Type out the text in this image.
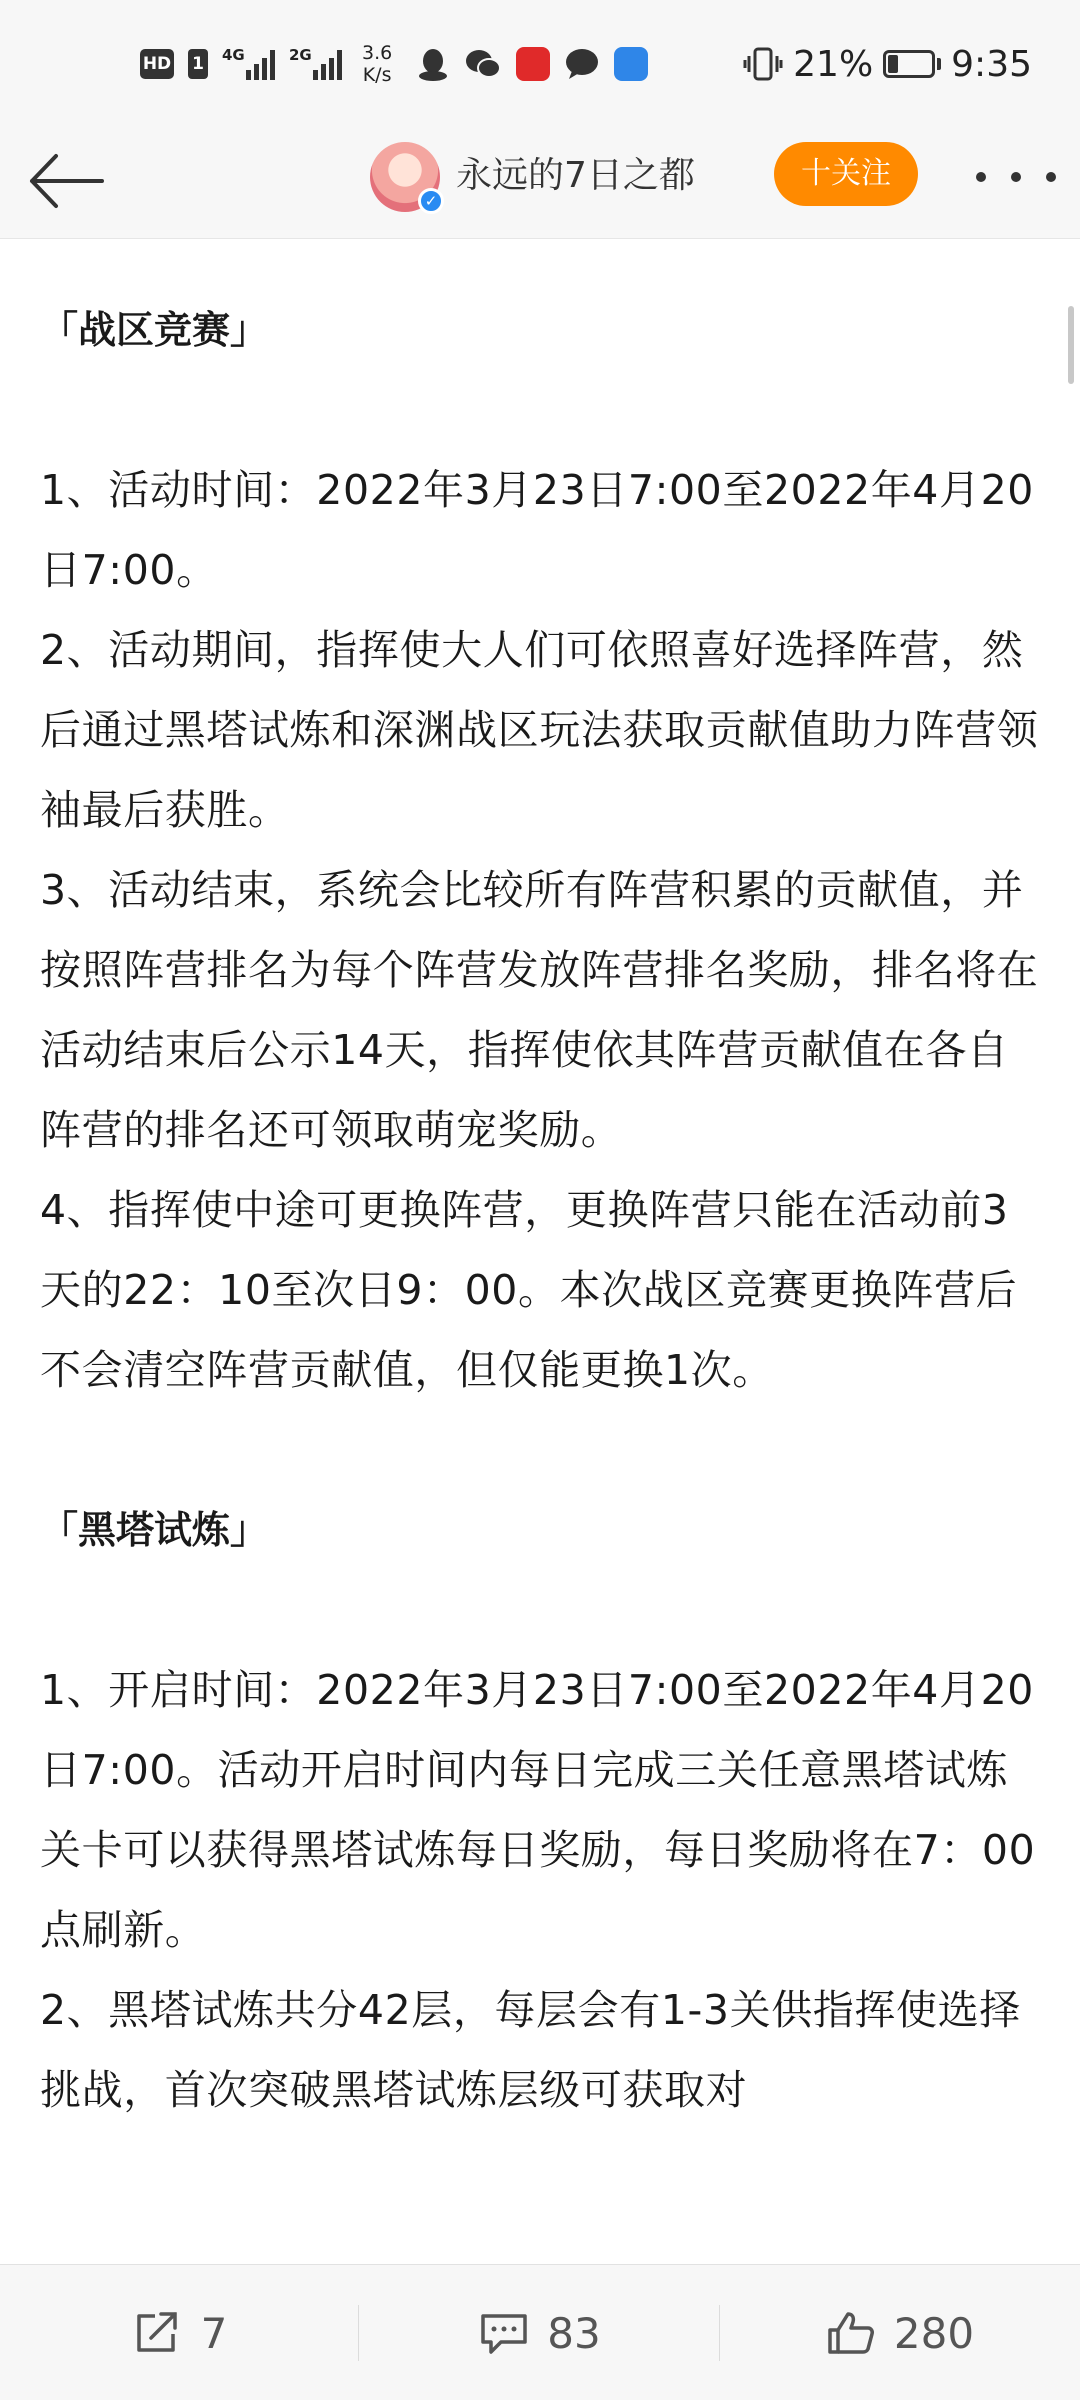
HD 1 4G	2G	3.6
K/s	21% 9:35
✓
永远的7日之都	十关注

「战区竞赛」

1、活动时间：2022年3月23日7:00至2022年4月20日7:00。

2、活动期间，指挥使大人们可依照喜好选择阵营，然后通过黑塔试炼和深渊战区玩法获取贡献值助力阵营领袖最后获胜。

3、活动结束，系统会比较所有阵营积累的贡献值，并按照阵营排名为每个阵营发放阵营排名奖励，排名将在活动结束后公示14天，指挥使依其阵营贡献值在各自阵营的排名还可领取萌宠奖励。

4、指挥使中途可更换阵营，更换阵营只能在活动前3天的22：10至次日9：00。本次战区竞赛更换阵营后不会清空阵营贡献值，但仅能更换1次。

「黑塔试炼」

1、开启时间：2022年3月23日7:00至2022年4月20日7:00。活动开启时间内每日完成三关任意黑塔试炼关卡可以获得黑塔试炼每日奖励，每日奖励将在7：00点刷新。

2、黑塔试炼共分42层，每层会有1-3关供指挥使选择挑战，首次突破黑塔试炼层级可获取对

7	83	280
